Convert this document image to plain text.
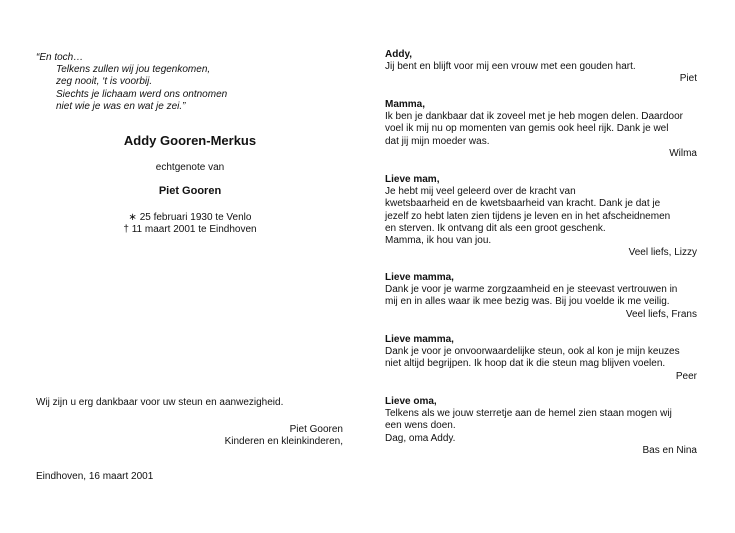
“En toch…
Telkens zullen wij jou tegenkomen,
zeg nooit, ‘t is voorbij.
Siechts je lichaam werd ons ontnomen
niet wie je was en wat je zei.”
Addy Gooren-Merkus
echtgenote van
Piet Gooren
∗ 25 februari 1930 te Venlo
† 11 maart 2001 te Eindhoven
Wij zijn u erg dankbaar voor uw steun en aanwezigheid.
Piet Gooren
Kinderen en kleinkinderen,
Eindhoven, 16 maart 2001
Addy,
Jij bent en blijft voor mij een vrouw met een gouden hart.
Piet
Mamma,
Ik ben je dankbaar dat ik zoveel met je heb mogen delen. Daardoor
voel ik mij nu op momenten van gemis ook heel rijk. Dank je wel
dat jij mijn moeder was.
Wilma
Lieve mam,
Je hebt mij veel geleerd over de kracht van
kwetsbaarheid en de kwetsbaarheid van kracht. Dank je dat je
jezelf zo hebt laten zien tijdens je leven en in het afscheidnemen
en sterven. Ik ontvang dit als een groot geschenk.
Mamma, ik hou van jou.
Veel liefs, Lizzy
Lieve mamma,
Dank je voor je warme zorgzaamheid en je steevast vertrouwen in
mij en in alles waar ik mee bezig was. Bij jou voelde ik me veilig.
Veel liefs, Frans
Lieve mamma,
Dank je voor je onvoorwaardelijke steun, ook al kon je mijn keuzes
niet altijd begrijpen. Ik hoop dat ik die steun mag blijven voelen.
Peer
Lieve oma,
Telkens als we jouw sterretje aan de hemel zien staan mogen wij
een wens doen.
Dag, oma Addy.
Bas en Nina
